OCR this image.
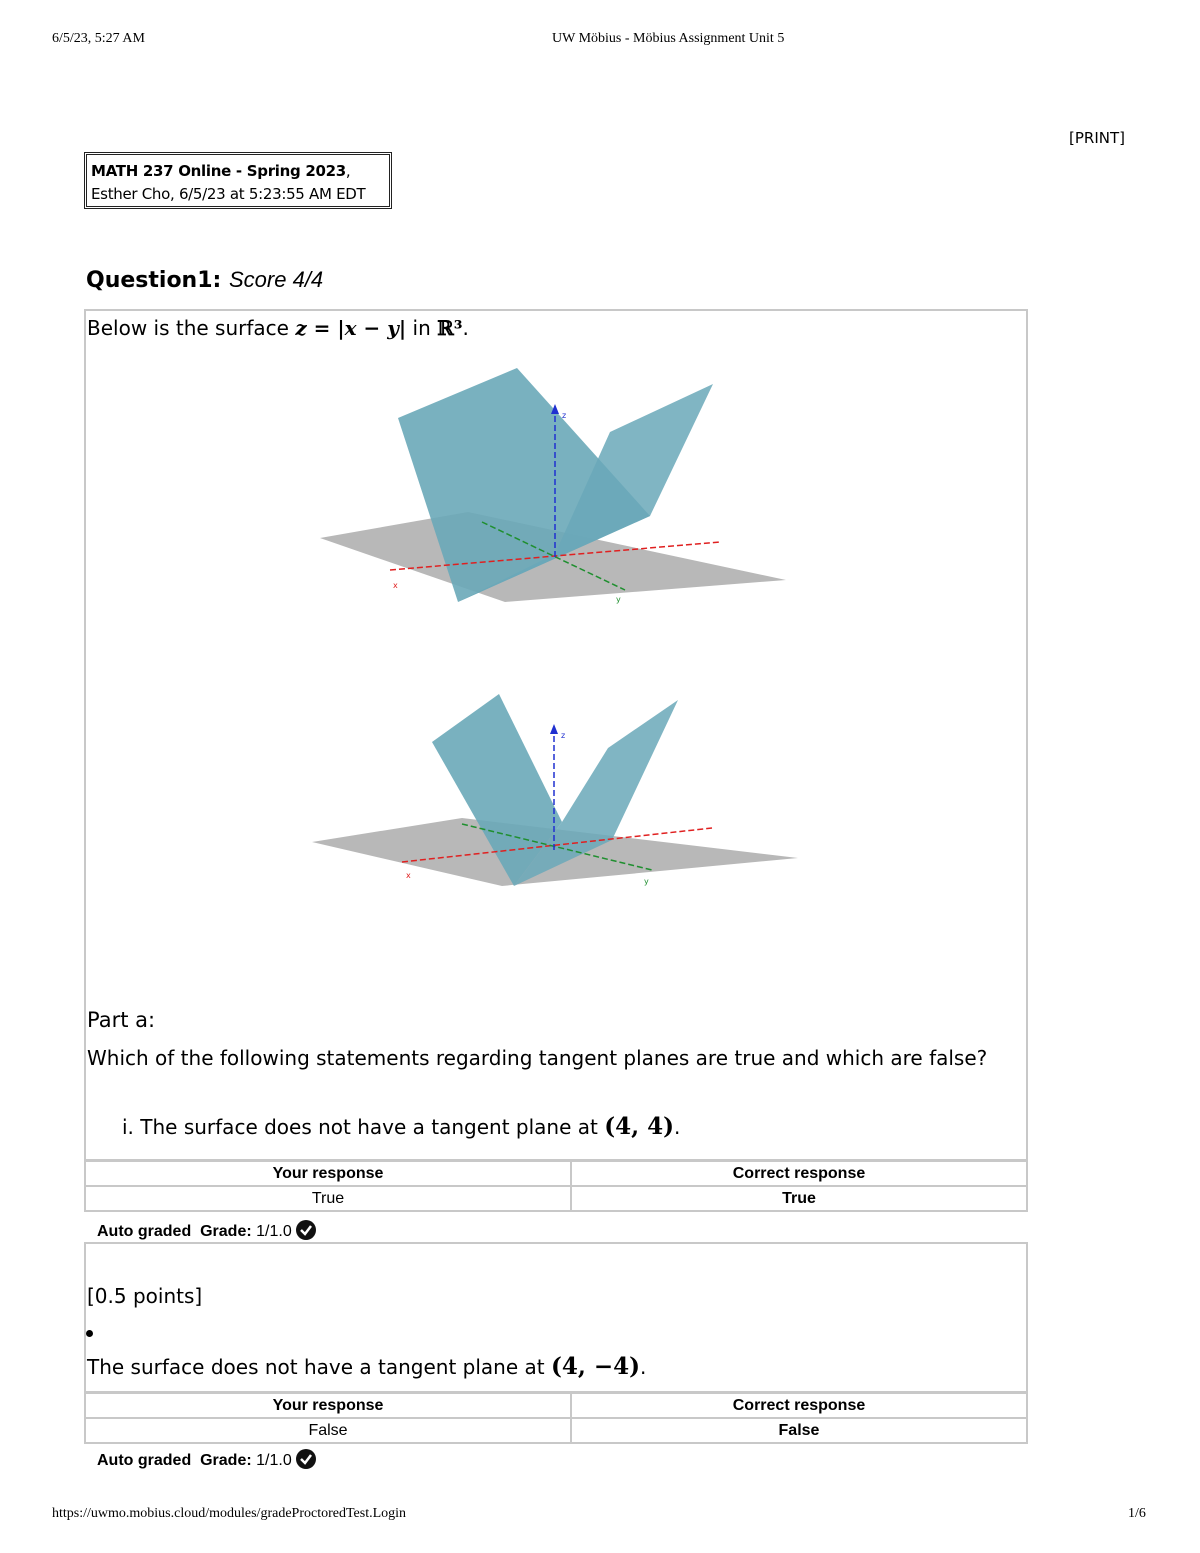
6/5/23, 5:27 AM	UW Möbius - Möbius Assignment Unit 5
[PRINT]
MATH 237 Online - Spring 2023,
Esther Cho, 6/5/23 at 5:23:55 AM EDT
Question1: Score 4/4
Below is the surface z = |x − y| in ℝ³.
z
x
y
z
x
y
Part a:
Which of the following statements regarding tangent planes are true and which are false?
i. The surface does not have a tangent plane at (4, 4).
Your response	Correct response
True	True
Auto graded Grade: 1/1.0
[0.5 points]
The surface does not have a tangent plane at (4, −4).
Your response	Correct response
False	False
Auto graded Grade: 1/1.0
https://uwmo.mobius.cloud/modules/gradeProctoredTest.Login	1/6
